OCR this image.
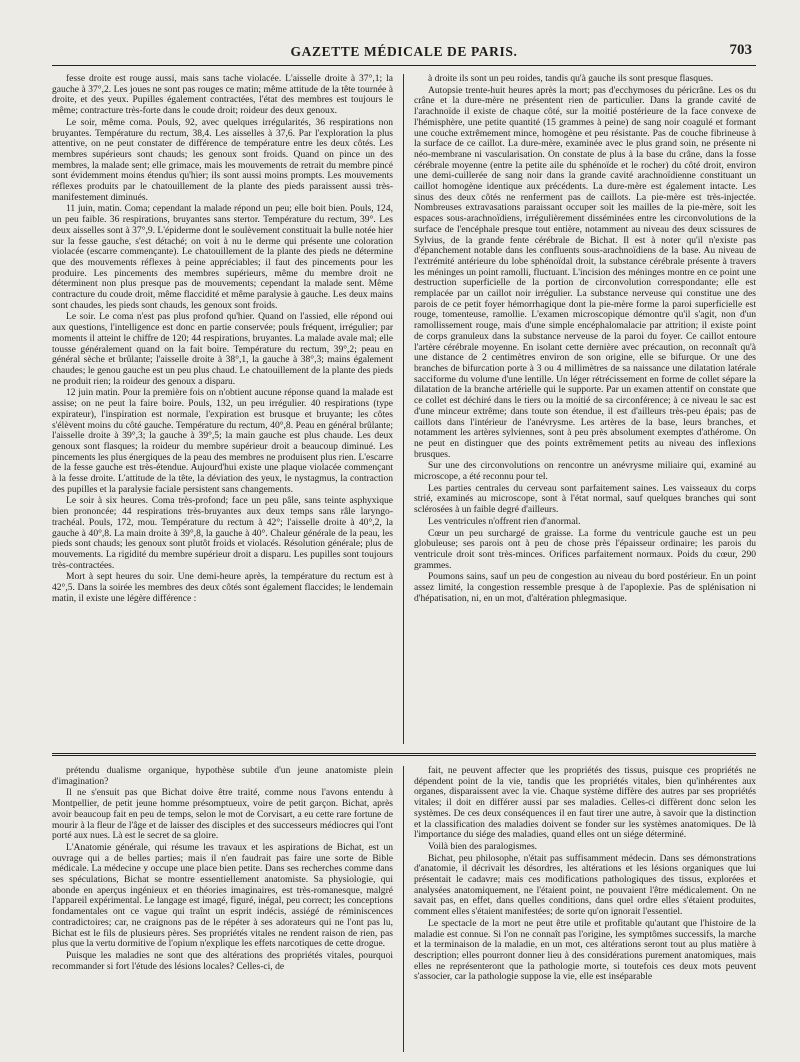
GAZETTE MÉDICALE DE PARIS.	703

fesse droite est rouge aussi, mais sans tache violacée. L'aisselle droite à 37°,1; la gauche à 37°,2. Les joues ne sont pas rouges ce matin; même attitude de la tête tournée à droite, et des yeux. Pupilles également contractées, l'état des membres est toujours le même; contracture très-forte dans le coude droit; roideur des deux genoux.

Le soir, même coma. Pouls, 92, avec quelques irrégularités, 36 respirations non bruyantes. Température du rectum, 38,4. Les aisselles à 37,6. Par l'exploration la plus attentive, on ne peut constater de différence de température entre les deux côtés. Les membres supérieurs sont chauds; les genoux sont froids. Quand on pince un des membres, la malade sent; elle grimace, mais les mouvements de retrait du membre pincé sont évidemment moins étendus qu'hier; ils sont aussi moins prompts. Les mouvements réflexes produits par le chatouillement de la plante des pieds paraissent aussi très-manifestement diminués.

11 juin, matin. Coma; cependant la malade répond un peu; elle boit bien. Pouls, 124, un peu faible. 36 respirations, bruyantes sans stertor. Température du rectum, 39°. Les deux aisselles sont à 37°,9. L'épiderme dont le soulèvement constituait la bulle notée hier sur la fesse gauche, s'est détaché; on voit à nu le derme qui présente une coloration violacée (escarre commençante). Le chatouillement de la plante des pieds ne détermine que des mouvements réflexes à peine appréciables; il faut des pincements pour les produire. Les pincements des membres supérieurs, même du membre droit ne déterminent non plus presque pas de mouvements; cependant la malade sent. Même contracture du coude droit, même flaccidité et même paralysie à gauche. Les deux mains sont chaudes, les pieds sont chauds, les genoux sont froids.

Le soir. Le coma n'est pas plus profond qu'hier. Quand on l'assied, elle répond oui aux questions, l'intelligence est donc en partie conservée; pouls fréquent, irrégulier; par moments il atteint le chiffre de 120; 44 respirations, bruyantes. La malade avale mal; elle tousse généralement quand on la fait boire. Température du rectum, 39°,2; peau en général sèche et brûlante; l'aisselle droite à 38°,1, la gauche à 38°,3; mains également chaudes; le genou gauche est un peu plus chaud. Le chatouillement de la plante des pieds ne produit rien; la roideur des genoux a disparu.

12 juin matin. Pour la première fois on n'obtient aucune réponse quand la malade est assise; on ne peut la faire boire. Pouls, 132, un peu irrégulier. 40 respirations (type expirateur), l'inspiration est normale, l'expiration est brusque et bruyante; les côtes s'élèvent moins du côté gauche. Température du rectum, 40°,8. Peau en général brûlante; l'aisselle droite à 39°,3; la gauche à 39°,5; la main gauche est plus chaude. Les deux genoux sont flasques; la roideur du membre supérieur droit a beaucoup diminué. Les pincements les plus énergiques de la peau des membres ne produisent plus rien. L'escarre de la fesse gauche est très-étendue. Aujourd'hui existe une plaque violacée commençant à la fesse droite. L'attitude de la tête, la déviation des yeux, le nystagmus, la contraction des pupilles et la paralysie faciale persistent sans changements.

Le soir à six heures. Coma très-profond; face un peu pâle, sans teinte asphyxique bien prononcée; 44 respirations très-bruyantes aux deux temps sans râle laryngo-trachéal. Pouls, 172, mou. Température du rectum à 42°; l'aisselle droite à 40°,2, la gauche à 40°,8. La main droite à 39°,8, la gauche à 40°. Chaleur générale de la peau, les pieds sont chauds; les genoux sont plutôt froids et violacés. Résolution générale; plus de mouvements. La rigidité du membre supérieur droit a disparu. Les pupilles sont toujours très-contractées.

Mort à sept heures du soir. Une demi-heure après, la température du rectum est à 42°,5. Dans la soirée les membres des deux côtés sont également flaccides; le lendemain matin, il existe une légère différence :

à droite ils sont un peu roides, tandis qu'à gauche ils sont presque flasques.

Autopsie trente-huit heures après la mort; pas d'ecchymoses du péricrâne. Les os du crâne et la dure-mère ne présentent rien de particulier. Dans la grande cavité de l'arachnoïde il existe de chaque côté, sur la moitié postérieure de la face convexe de l'hémisphère, une petite quantité (15 grammes à peine) de sang noir coagulé et formant une couche extrêmement mince, homogène et peu résistante. Pas de couche fibrineuse à la surface de ce caillot. La dure-mère, examinée avec le plus grand soin, ne présente ni néo-membrane ni vascularisation. On constate de plus à la base du crâne, dans la fosse cérébrale moyenne (entre la petite aile du sphénoïde et le rocher) du côté droit, environ une demi-cuillerée de sang noir dans la grande cavité arachnoïdienne constituant un caillot homogène identique aux précédents. La dure-mère est également intacte. Les sinus des deux côtés ne renferment pas de caillots. La pie-mère est très-injectée. Nombreuses extravasations paraissant occuper soit les mailles de la pie-mère, soit les espaces sous-arachnoïdiens, irrégulièrement disséminées entre les circonvolutions de la surface de l'encéphale presque tout entière, notamment au niveau des deux scissures de Sylvius, de la grande fente cérébrale de Bichat. Il est à noter qu'il n'existe pas d'épanchement notable dans les confluents sous-arachnoïdiens de la base. Au niveau de l'extrémité antérieure du lobe sphénoïdal droit, la substance cérébrale présente à travers les méninges un point ramolli, fluctuant. L'incision des méninges montre en ce point une destruction superficielle de la portion de circonvolution correspondante; elle est remplacée par un caillot noir irrégulier. La substance nerveuse qui constitue une des parois de ce petit foyer hémorrhagique dont la pie-mère forme la paroi superficielle est rouge, tomenteuse, ramollie. L'examen microscopique démontre qu'il s'agit, non d'un ramollissement rouge, mais d'une simple encéphalomalacie par attrition; il existe point de corps granuleux dans la substance nerveuse de la paroi du foyer. Ce caillot entoure l'artère cérébrale moyenne. En isolant cette dernière avec précaution, on reconnaît qu'à une distance de 2 centimètres environ de son origine, elle se bifurque. Or une des branches de bifurcation porte à 3 ou 4 millimètres de sa naissance une dilatation latérale sacciforme du volume d'une lentille. Un léger rétrécissement en forme de collet sépare la dilatation de la branche artérielle qui le supporte. Par un examen attentif on constate que ce collet est déchiré dans le tiers ou la moitié de sa circonférence; à ce niveau le sac est d'une minceur extrême; dans toute son étendue, il est d'ailleurs très-peu épais; pas de caillots dans l'intérieur de l'anévrysme. Les artères de la base, leurs branches, et notamment les artères sylviennes, sont à peu près absolument exemptes d'athérome. On ne peut en distinguer que des points extrêmement petits au niveau des inflexions brusques.

Sur une des circonvolutions on rencontre un anévrysme miliaire qui, examiné au microscope, a été reconnu pour tel.

Les parties centrales du cerveau sont parfaitement saines. Les vaisseaux du corps strié, examinés au microscope, sont à l'état normal, sauf quelques branches qui sont sclérosées à un faible degré d'ailleurs.

Les ventricules n'offrent rien d'anormal.

Cœur un peu surchargé de graisse. La forme du ventricule gauche est un peu globuleuse; ses parois ont à peu de chose près l'épaisseur ordinaire; les parois du ventricule droit sont très-minces. Orifices parfaitement normaux. Poids du cœur, 290 grammes.

Poumons sains, sauf un peu de congestion au niveau du bord postérieur. En un point assez limité, la congestion ressemble presque à de l'apoplexie. Pas de splénisation ni d'hépatisation, ni, en un mot, d'altération phlegmasique.

prétendu dualisme organique, hypothèse subtile d'un jeune anatomiste plein d'imagination?

Il ne s'ensuit pas que Bichat doive être traité, comme nous l'avons entendu à Montpellier, de petit jeune homme présomptueux, voire de petit garçon. Bichat, après avoir beaucoup fait en peu de temps, selon le mot de Corvisart, a eu cette rare fortune de mourir à la fleur de l'âge et de laisser des disciples et des successeurs médiocres qui l'ont porté aux nues. Là est le secret de sa gloire.

L'Anatomie générale, qui résume les travaux et les aspirations de Bichat, est un ouvrage qui a de belles parties; mais il n'en faudrait pas faire une sorte de Bible médicale. La médecine y occupe une place bien petite. Dans ses recherches comme dans ses spéculations, Bichat se montre essentiellement anatomiste. Sa physiologie, qui abonde en aperçus ingénieux et en théories imaginaires, est très-romanesque, malgré l'appareil expérimental. Le langage est imagé, figuré, inégal, peu correct; les conceptions fondamentales ont ce vague qui traînt un esprit indécis, assiégé de réminiscences contradictoires; car, ne craignons pas de le répéter à ses adorateurs qui ne l'ont pas lu, Bichat est le fils de plusieurs pères. Ses propriétés vitales ne rendent raison de rien, pas plus que la vertu dormitive de l'opium n'explique les effets narcotiques de cette drogue.

Puisque les maladies ne sont que des altérations des propriétés vitales, pourquoi recommander si fort l'étude des lésions locales? Celles-ci, de

fait, ne peuvent affecter que les propriétés des tissus, puisque ces propriétés ne dépendent point de la vie, tandis que les propriétés vitales, bien qu'inhérentes aux organes, disparaissent avec la vie. Chaque système diffère des autres par ses propriétés vitales; il doit en différer aussi par ses maladies. Celles-ci diffèrent donc selon les systèmes. De ces deux conséquences il en faut tirer une autre, à savoir que la distinction et la classification des maladies doivent se fonder sur les systèmes anatomiques. De là l'importance du siége des maladies, quand elles ont un siége déterminé.

Voilà bien des paralogismes.

Bichat, peu philosophe, n'était pas suffisamment médecin. Dans ses démonstrations d'anatomie, il décrivait les désordres, les altérations et les lésions organiques que lui présentait le cadavre; mais ces modifications pathologiques des tissus, explorées et analysées anatomiquement, ne l'étaient point, ne pouvaient l'être médicalement. On ne savait pas, en effet, dans quelles conditions, dans quel ordre elles s'étaient produites, comment elles s'étaient manifestées; de sorte qu'on ignorait l'essentiel.

Le spectacle de la mort ne peut être utile et profitable qu'autant que l'histoire de la maladie est connue. Si l'on ne connaît pas l'origine, les symptômes successifs, la marche et la terminaison de la maladie, en un mot, ces altérations seront tout au plus matière à description; elles pourront donner lieu à des considérations purement anatomiques, mais elles ne représenteront que la pathologie morte, si toutefois ces deux mots peuvent s'associer, car la pathologie suppose la vie, elle est inséparable
